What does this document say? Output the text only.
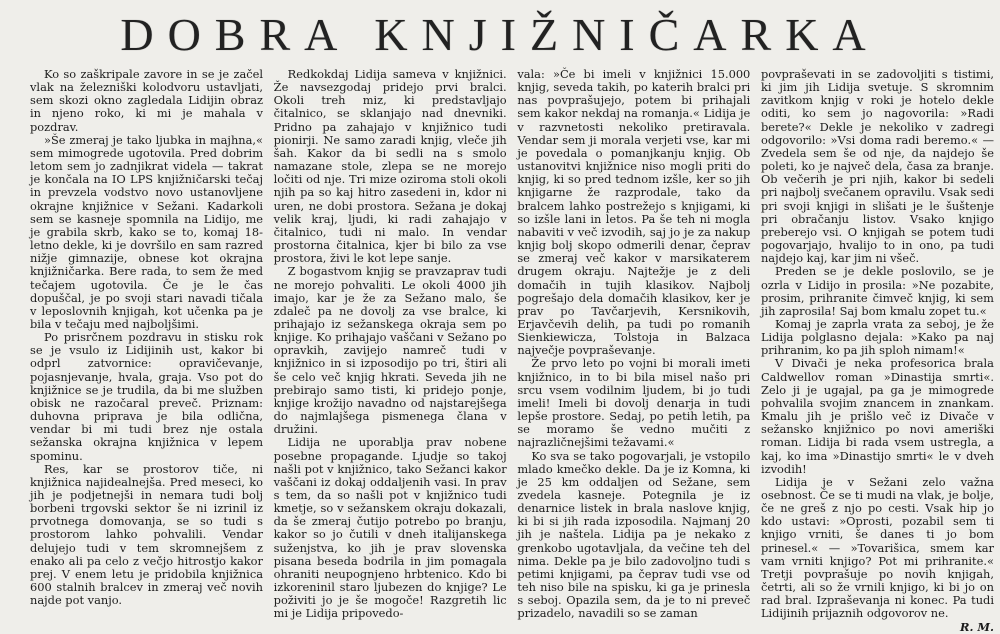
DOBRA KNJIŽNIČARKA

Ko so zaškripale zavore in se je začel vlak na železniški kolodvoru ustavljati, sem skozi okno zagledala Lidijin obraz in njeno roko, ki mi je mahala v pozdrav.

»Še zmeraj je tako ljubka in majhna,« sem mimogrede ugotovila. Pred dobrim letom sem jo zadnjikrat videla — takrat je končala na IO LPS knjižničarski tečaj in prevzela vodstvo novo ustanovljene okrajne knjižnice v Sežani. Kadarkoli sem se kasneje spomnila na Lidijo, me je grabila skrb, kako se to, komaj 18-letno dekle, ki je dovršilo en sam razred nižje gimnazije, obnese kot okrajna knjižničarka. Bere rada, to sem že med tečajem ugotovila. Če je le čas dopuščal, je po svoji stari navadi tičala v leposlovnih knjigah, kot učenka pa je bila v tečaju med najboljšimi.

Po prisrčnem pozdravu in stisku rok se je vsulo iz Lidijinih ust, kakor bi odprl zatvornice: opravičevanje, pojasnjevanje, hvala, graja. Vso pot do knjižnice se je trudila, da bi me služben obisk ne razočaral preveč. Priznam: duhovna priprava je bila odlična, vendar bi mi tudi brez nje ostala sežanska okrajna knjižnica v lepem spominu.

Res, kar se prostorov tiče, ni knjižnica najidealnejša. Pred meseci, ko jih je podjetnejši in nemara tudi bolj borbeni trgovski sektor še ni izrinil iz prvotnega domovanja, se so tudi s prostorom lahko pohvalili. Vendar delujejo tudi v tem skromnejšem z enako ali pa celo z večjo hitrostjo kakor prej. V enem letu je pridobila knjižnica 600 stalnih bralcev in zmeraj več novih najde pot vanjo.

Redkokdaj Lidija sameva v knjižnici. Že navsezgodaj pridejo prvi bralci. Okoli treh miz, ki predstavljajo čitalnico, se sklanjajo nad dnevniki. Pridno pa zahajajo v knjižnico tudi pionirji. Ne samo zaradi knjig, vleče jih šah. Kakor da bi sedli na s smolo namazane stole, zlepa se ne morejo ločiti od nje. Tri mize oziroma stoli okoli njih pa so kaj hitro zasedeni in, kdor ni uren, ne dobi prostora. Sežana je dokaj velik kraj, ljudi, ki radi zahajajo v čitalnico, tudi ni malo. In vendar prostorna čitalnica, kjer bi bilo za vse prostora, živi le kot lepe sanje.

Z bogastvom knjig se pravzaprav tudi ne morejo pohvaliti. Le okoli 4000 jih imajo, kar je že za Sežano malo, še zdaleč pa ne dovolj za vse bralce, ki prihajajo iz sežanskega okraja sem po knjige. Ko prihajajo vaščani v Sežano po opravkih, zavijejo namreč tudi v knjižnico in si izposodijo po tri, štiri ali še celo več knjig hkrati. Seveda jih ne prebirajo samo tisti, ki pridejo ponje, knjige krožijo navadno od najstarejšega do najmlajšega pismenega člana v družini.

Lidija ne uporablja prav nobene posebne propagande. Ljudje so takoj našli pot v knjižnico, tako Sežanci kakor vaščani iz dokaj oddaljenih vasi. In prav s tem, da so našli pot v knjižnico tudi kmetje, so v sežanskem okraju dokazali, da še zmeraj čutijo potrebo po branju, kakor so jo čutili v dneh italijanskega suženjstva, ko jih je prav slovenska pisana beseda bodrila in jim pomagala ohraniti neupognjeno hrbtenico. Kdo bi izkoreninil staro ljubezen do knjige? Le poživiti jo je še mogoče! Razgretih lic mi je Lidija pripovedo-

vala: »Če bi imeli v knjižnici 15.000 knjig, seveda takih, po katerih bralci pri nas povprašujejo, potem bi prihajali sem kakor nekdaj na romanja.« Lidija je v razvnetosti nekoliko pretiravala. Vendar sem ji morala verjeti vse, kar mi je povedala o pomanjkanju knjig. Ob ustanovitvi knjižnice niso mogli priti do knjig, ki so pred tednom izšle, ker so jih knjigarne že razprodale, tako da bralcem lahko postrežejo s knjigami, ki so izšle lani in letos. Pa še teh ni mogla nabaviti v več izvodih, saj jo je za nakup knjig bolj skopo odmerili denar, čeprav se zmeraj več kakor v marsikaterem drugem okraju. Najtežje je z deli domačih in tujih klasikov. Najbolj pogrešajo dela domačih klasikov, ker je prav po Tavčarjevih, Kersnikovih, Erjavčevih delih, pa tudi po romanih Sienkiewicza, Tolstoja in Balzaca največje povpraševanje.

Že prvo leto po vojni bi morali imeti knjižnico, in to bi bila misel našo pri srcu vsem vodilnim ljudem, bi jo tudi imeli! Imeli bi dovolj denarja in tudi lepše prostore. Sedaj, po petih letih, pa se moramo še vedno mučiti z najrazličnejšimi težavami.«

Ko sva se tako pogovarjali, je vstopilo mlado kmečko dekle. Da je iz Komna, ki je 25 km oddaljen od Sežane, sem zvedela kasneje. Potegnila je iz denarnice listek in brala naslove knjig, ki bi si jih rada izposodila. Najmanj 20 jih je naštela. Lidija pa je nekako z grenkobo ugotavljala, da večine teh del nima. Dekle pa je bilo zadovoljno tudi s petimi knjigami, pa čeprav tudi vse od teh niso bile na spisku, ki ga je prinesla s seboj. Opazila sem, da je to ni preveč prizadelo, navadili so se zaman

povpraševati in se zadovoljiti s tistimi, ki jim jih Lidija svetuje. S skromnim zavitkom knjig v roki je hotelo dekle oditi, ko sem jo nagovorila: »Radi berete?« Dekle je nekoliko v zadregi odgovorilo: »Vsi doma radi beremo.« — Zvedela sem še od nje, da najdejo še poleti, ko je največ dela, časa za branje. Ob večerih je pri njih, kakor bi sedeli pri najbolj svečanem opravilu. Vsak sedi pri svoji knjigi in slišati je le šuštenje pri obračanju listov. Vsako knjigo preberejo vsi. O knjigah se potem tudi pogovarjajo, hvalijo to in ono, pa tudi najdejo kaj, kar jim ni všeč.

Preden se je dekle poslovilo, se je ozrla v Lidijo in prosila: »Ne pozabite, prosim, prihranite čimveč knjig, ki sem jih zaprosila! Saj bom kmalu zopet tu.«

Komaj je zaprla vrata za seboj, je že Lidija polglasno dejala: »Kako pa naj prihranim, ko pa jih sploh nimam!«

V Divači je neka profesorica brala Caldwellov roman »Dinastija smrti«. Zelo ji je ugajal, pa ga je mimogrede pohvalila svojim znancem in znankam. Kmalu jih je prišlo več iz Divače v sežansko knjižnico po novi ameriški roman. Lidija bi rada vsem ustregla, a kaj, ko ima »Dinastijo smrti« le v dveh izvodih!

Lidija je v Sežani zelo važna osebnost. Če se ti mudi na vlak, je bolje, če ne greš z njo po cesti. Vsak hip jo kdo ustavi: »Oprosti, pozabil sem ti knjigo vrniti, še danes ti jo bom prinesel.« — »Tovarišica, smem kar vam vrniti knjigo? Pot mi prihranite.« Tretji povprašuje po novih knjigah, četrti, ali so že vrnili knjigo, ki bi jo on rad bral. Izpraševanja ni konec. Pa tudi Lidijinih prijaznih odgovorov ne.

R. M.
